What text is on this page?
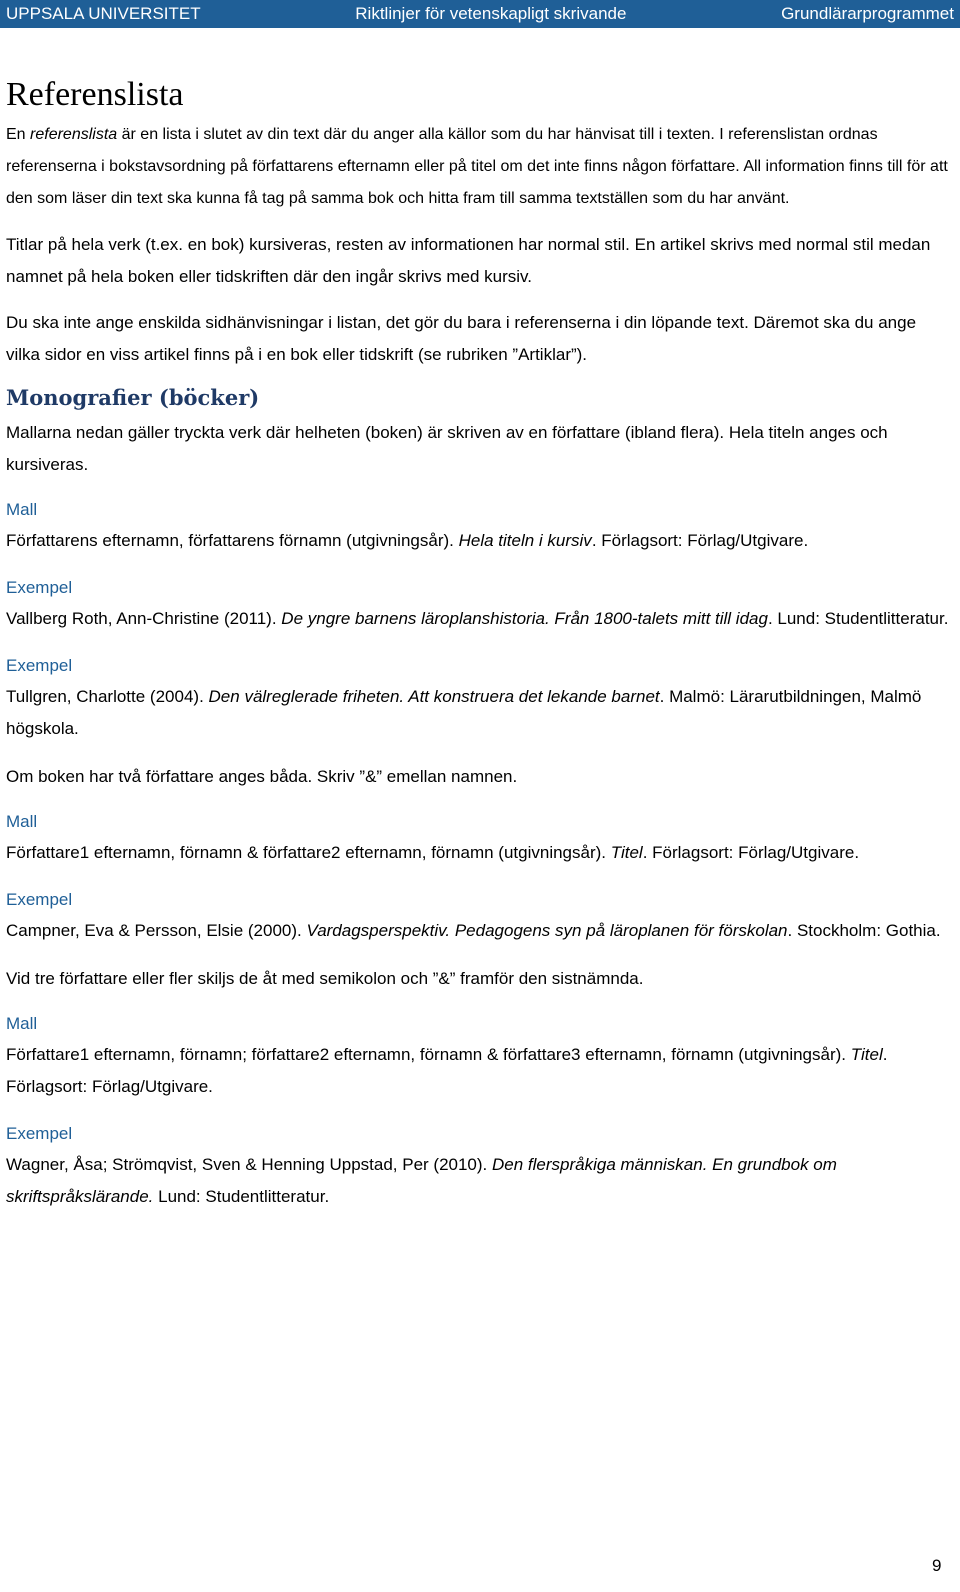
UPPSALA UNIVERSITET	Riktlinjer för vetenskapligt skrivande	Grundlärarprogrammet
Referenslista

En referenslista är en lista i slutet av din text där du anger alla källor som du har hänvisat till i texten. I referenslistan ordnas referenserna i bokstavsordning på författarens efternamn eller på titel om det inte finns någon författare. All information finns till för att den som läser din text ska kunna få tag på samma bok och hitta fram till samma textställen som du har använt.

Titlar på hela verk (t.ex. en bok) kursiveras, resten av informationen har normal stil. En artikel skrivs med normal stil medan namnet på hela boken eller tidskriften där den ingår skrivs med kursiv.

Du ska inte ange enskilda sidhänvisningar i listan, det gör du bara i referenserna i din löpande text. Däremot ska du ange vilka sidor en viss artikel finns på i en bok eller tidskrift (se rubriken ”Artiklar”).

Monografier (böcker)

Mallarna nedan gäller tryckta verk där helheten (boken) är skriven av en författare (ibland flera). Hela titeln anges och kursiveras.

Mall

Författarens efternamn, författarens förnamn (utgivningsår). Hela titeln i kursiv. Förlagsort: Förlag/Utgivare.

Exempel

Vallberg Roth, Ann-Christine (2011). De yngre barnens läroplanshistoria. Från 1800-talets mitt till idag. Lund: Studentlitteratur.

Exempel

Tullgren, Charlotte (2004). Den välreglerade friheten. Att konstruera det lekande barnet. Malmö: Lärarutbildningen, Malmö högskola.

Om boken har två författare anges båda. Skriv ”&” emellan namnen.

Mall

Författare1 efternamn, förnamn & författare2 efternamn, förnamn (utgivningsår). Titel. Förlagsort: Förlag/Utgivare.

Exempel

Campner, Eva & Persson, Elsie (2000). Vardagsperspektiv. Pedagogens syn på läroplanen för förskolan. Stockholm: Gothia.

Vid tre författare eller fler skiljs de åt med semikolon och ”&” framför den sistnämnda.

Mall

Författare1 efternamn, förnamn; författare2 efternamn, förnamn & författare3 efternamn, förnamn (utgivningsår). Titel. Förlagsort: Förlag/Utgivare.

Exempel

Wagner, Åsa; Strömqvist, Sven & Henning Uppstad, Per (2010). Den flerspråkiga människan. En grundbok om skriftspråkslärande. Lund: Studentlitteratur.

9
